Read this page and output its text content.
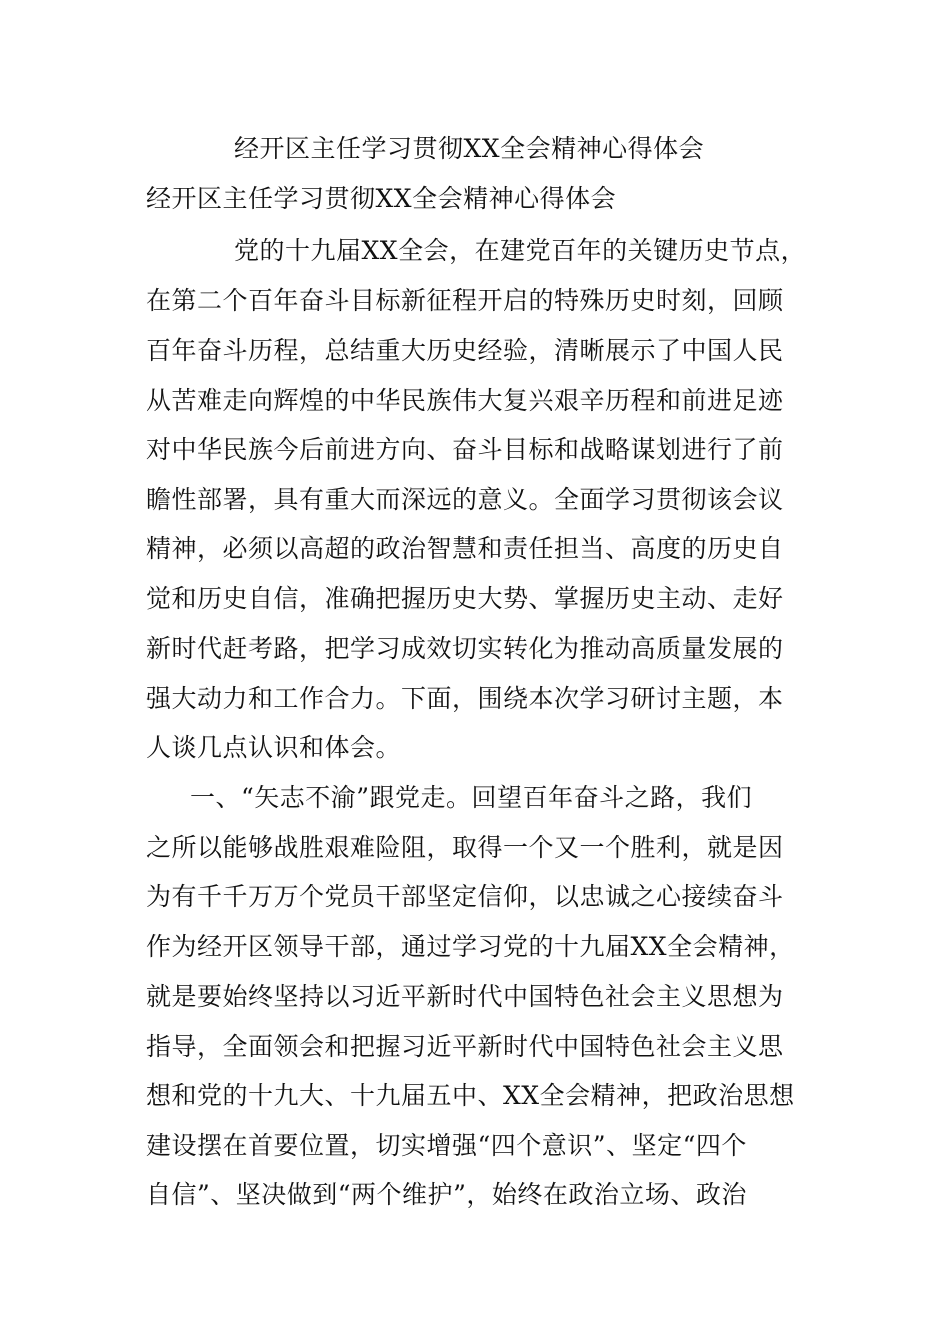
经开区主任学习贯彻XX全会精神心得体会
经开区主任学习贯彻XX全会精神心得体会
党的十九届XX全会，在建党百年的关键历史节点，
在第二个百年奋斗目标新征程开启的特殊历史时刻，回顾
百年奋斗历程，总结重大历史经验，清晰展示了中国人民
从苦难走向辉煌的中华民族伟大复兴艰辛历程和前进足迹
对中华民族今后前进方向、奋斗目标和战略谋划进行了前
瞻性部署，具有重大而深远的意义。全面学习贯彻该会议
精神，必须以高超的政治智慧和责任担当、高度的历史自
觉和历史自信，准确把握历史大势、掌握历史主动、走好
新时代赶考路，把学习成效切实转化为推动高质量发展的
强大动力和工作合力。下面，围绕本次学习研讨主题，本
人谈几点认识和体会。
一、“矢志不渝”跟党走。回望百年奋斗之路，我们
之所以能够战胜艰难险阻，取得一个又一个胜利，就是因
为有千千万万个党员干部坚定信仰，以忠诚之心接续奋斗
作为经开区领导干部，通过学习党的十九届XX全会精神，
就是要始终坚持以习近平新时代中国特色社会主义思想为
指导，全面领会和把握习近平新时代中国特色社会主义思
想和党的十九大、十九届五中、XX全会精神，把政治思想
建设摆在首要位置，切实增强“四个意识”、坚定“四个
自信”、坚决做到“两个维护”，始终在政治立场、政治
